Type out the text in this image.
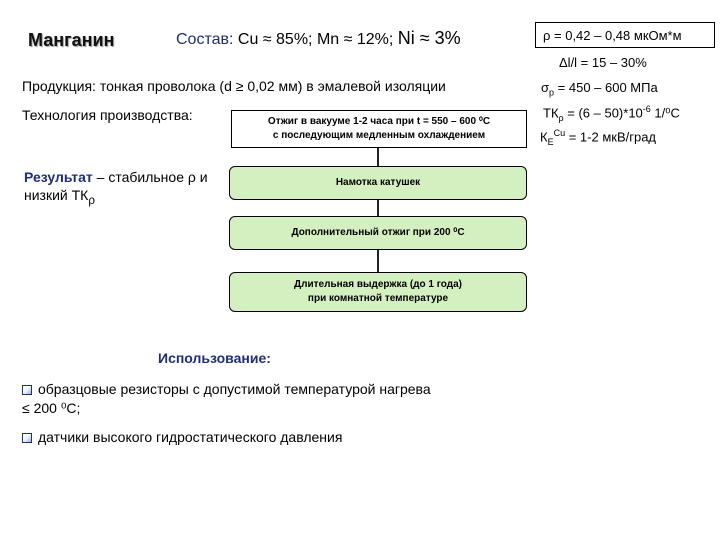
Манганин	Состав: Cu ≈ 85%; Mn ≈ 12%; Ni ≈ 3%	ρ = 0,42 – 0,48 мкОм*м
Δl/l = 15 – 30%
$\sigma_р = 450 - 600$ МПа
$ТК_\rho = (6 - 50)*10^{-6}$ 1/⁰С
$К_Е^{Cu} = 1-2$ мкВ/град
Продукция: тонкая проволока (d ≥ 0,02 мм) в эмалевой изоляции
Технология производства:	Отжиг в вакууме 1-2 часа при t = 550 – 600 ⁰С
с последующим медленным охлаждением
Намотка катушек
Дополнительный отжиг при 200 ⁰С
Длительная выдержка (до 1 года)
при комнатной температуре
Результат – стабильное ρ и низкий $ТК_\rho$
Использование:
образцовые резисторы с допустимой температурой нагрева ≤ 200 ⁰С;
датчики высокого гидростатического давления
